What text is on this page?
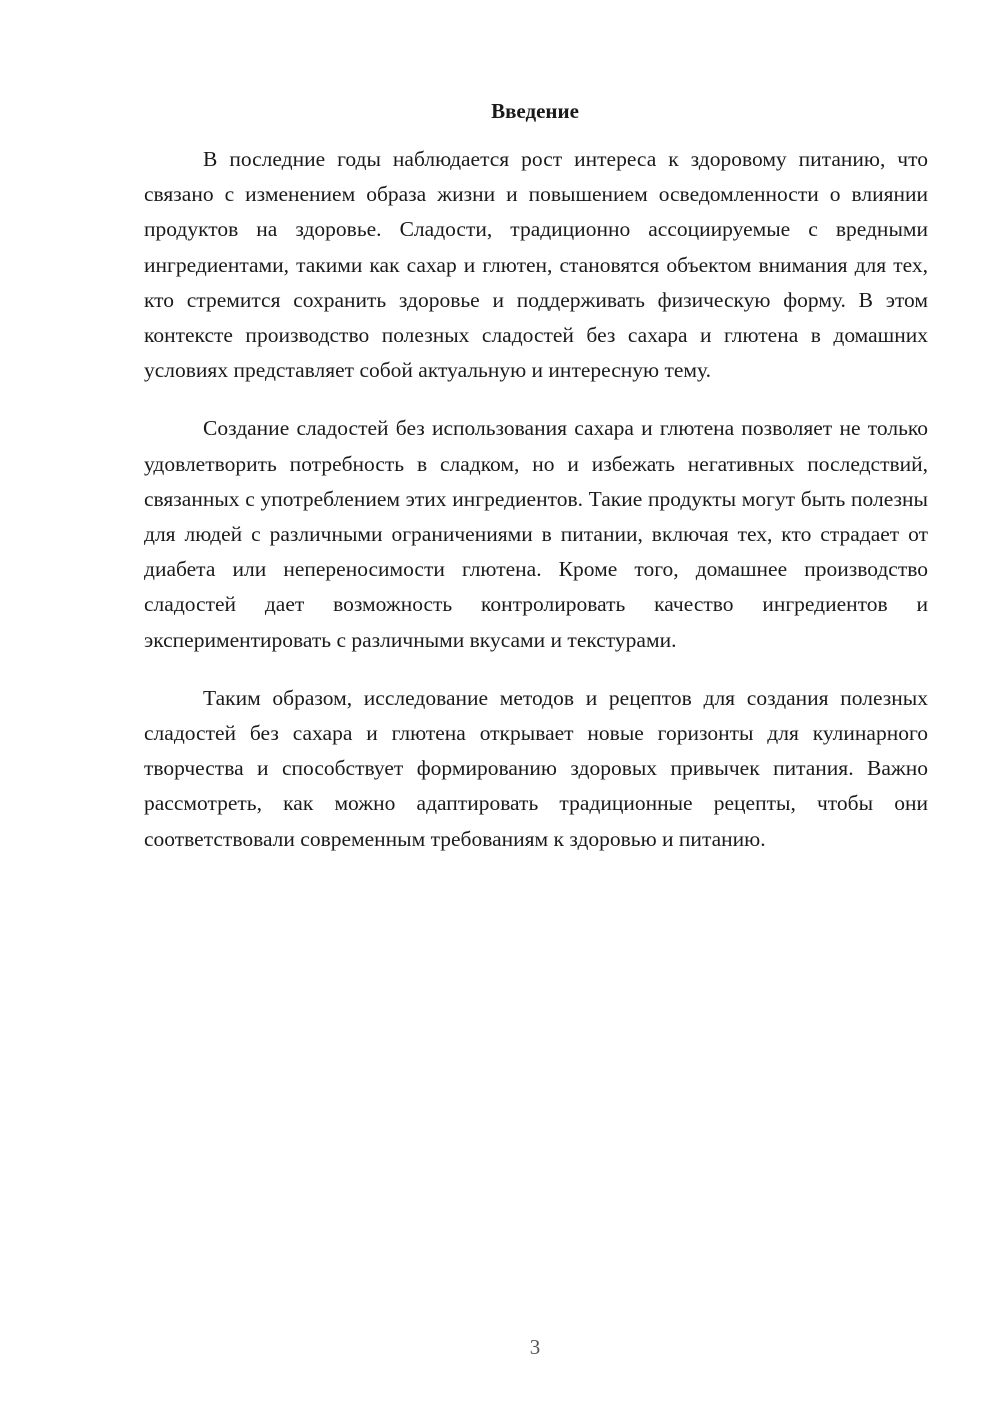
Введение

В последние годы наблюдается рост интереса к здоровому питанию, что связано с изменением образа жизни и повышением осведомленности о влиянии продуктов на здоровье. Сладости, традиционно ассоциируемые с вредными ингредиентами, такими как сахар и глютен, становятся объектом внимания для тех, кто стремится сохранить здоровье и поддерживать физическую форму. В этом контексте производство полезных сладостей без сахара и глютена в домашних условиях представляет собой актуальную и интересную тему.

Создание сладостей без использования сахара и глютена позволяет не только удовлетворить потребность в сладком, но и избежать негативных последствий, связанных с употреблением этих ингредиентов. Такие продукты могут быть полезны для людей с различными ограничениями в питании, включая тех, кто страдает от диабета или непереносимости глютена. Кроме того, домашнее производство сладостей дает возможность контролировать качество ингредиентов и экспериментировать с различными вкусами и текстурами.

Таким образом, исследование методов и рецептов для создания полезных сладостей без сахара и глютена открывает новые горизонты для кулинарного творчества и способствует формированию здоровых привычек питания. Важно рассмотреть, как можно адаптировать традиционные рецепты, чтобы они соответствовали современным требованиям к здоровью и питанию.

3
